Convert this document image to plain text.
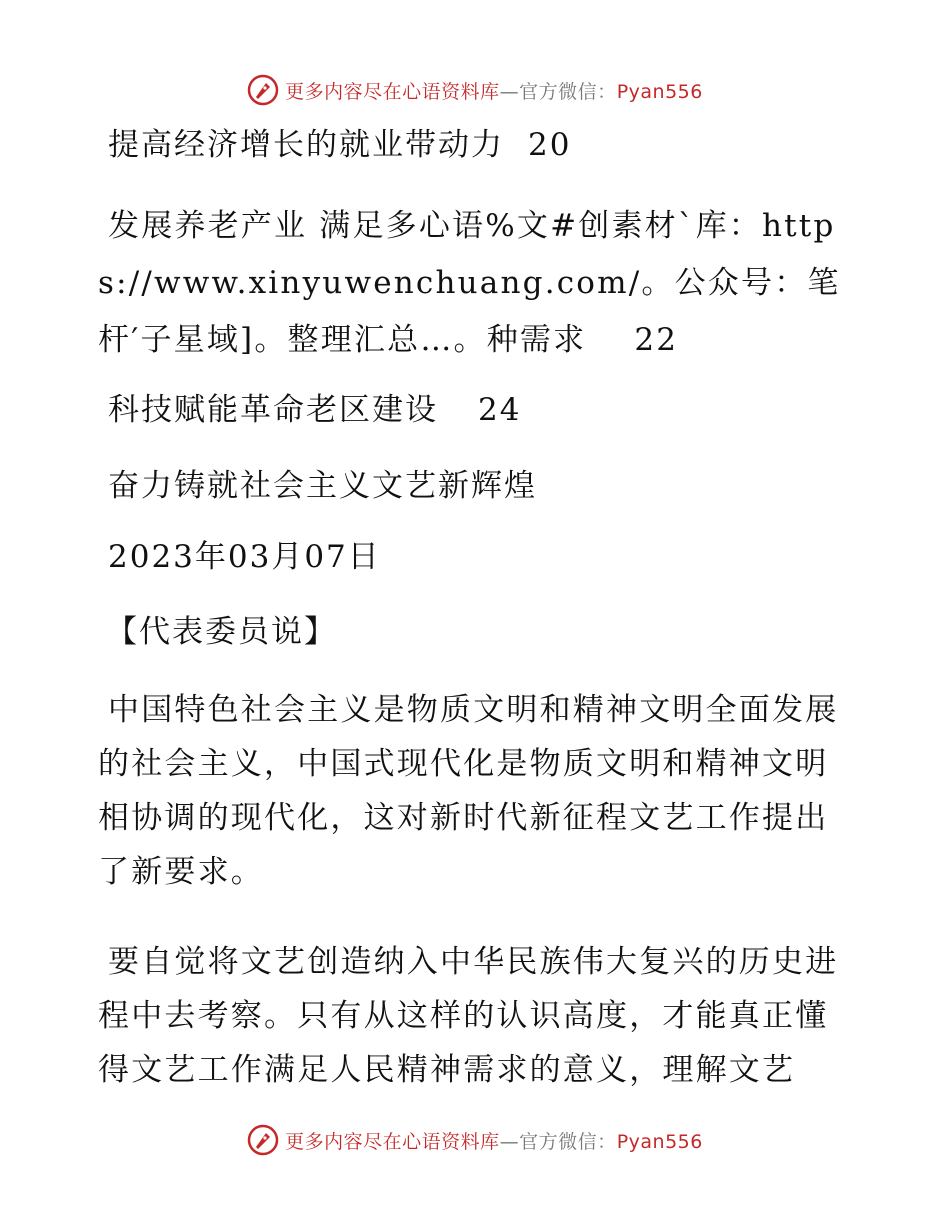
更多内容尽在心语资料库—官方微信：Pyan556
提高经济增长的就业带动力 20
发展养老产业 满足多心语%文#创素材`库：https://www.xinyuwenchuang.com/。公众号：笔杆′子星域]。整理汇总…。种需求 22
科技赋能革命老区建设 24
奋力铸就社会主义文艺新辉煌
2023年03月07日
【代表委员说】
中国特色社会主义是物质文明和精神文明全面发展的社会主义，中国式现代化是物质文明和精神文明相协调的现代化，这对新时代新征程文艺工作提出了新要求。
要自觉将文艺创造纳入中华民族伟大复兴的历史进程中去考察。只有从这样的认识高度，才能真正懂得文艺工作满足人民精神需求的意义，理解文艺
更多内容尽在心语资料库—官方微信：Pyan556
